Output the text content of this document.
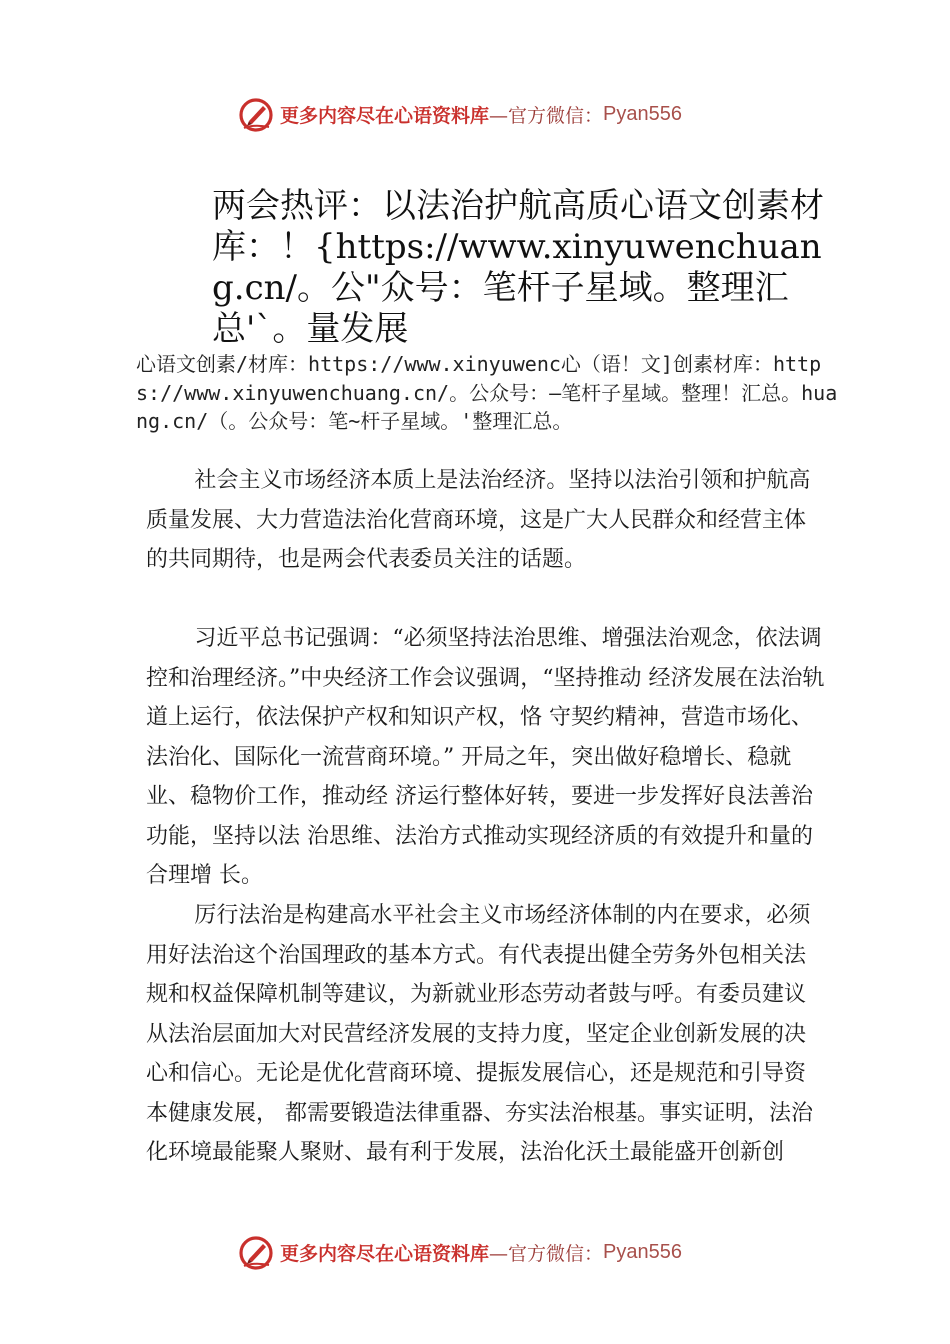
更多内容尽在心语资料库 —官方微信： Pyan556
两会热评：以法治护航高质心语文创素材库：！{https://www.xinyuwenchuang.cn/。公"众号：笔杆子星域。整理汇总'`。量发展

心语文创素/材库：https://www.xinyuwenc心（语！文]创素材库：https://www.xinyuwenchuang.cn/。公众号：—笔杆子星域。整理！汇总。huang.cn/（。公众号：笔~杆子星域。'整理汇总。

社会主义市场经济本质上是法治经济。坚持以法治引领和护航高质量发展、大力营造法治化营商环境，这是广大人民群众和经营主体的共同期待，也是两会代表委员关注的话题。

习近平总书记强调：“必须坚持法治思维、增强法治观念，依法调控和治理经济。”中央经济工作会议强调，“坚持推动 经济发展在法治轨道上运行，依法保护产权和知识产权，恪 守契约精神，营造市场化、法治化、国际化一流营商环境。” 开局之年，突出做好稳增长、稳就业、稳物价工作，推动经 济运行整体好转，要进一步发挥好良法善治功能，坚持以法 治思维、法治方式推动实现经济质的有效提升和量的合理增 长。

厉行法治是构建高水平社会主义市场经济体制的内在要求，必须用好法治这个治国理政的基本方式。有代表提出健全劳务外包相关法规和权益保障机制等建议，为新就业形态劳动者鼓与呼。有委员建议从法治层面加大对民营经济发展的支持力度，坚定企业创新发展的决心和信心。无论是优化营商环境、提振发展信心，还是规范和引导资本健康发展， 都需要锻造法律重器、夯实法治根基。事实证明，法治化环境最能聚人聚财、最有利于发展，法治化沃土最能盛开创新创

更多内容尽在心语资料库 —官方微信： Pyan556
